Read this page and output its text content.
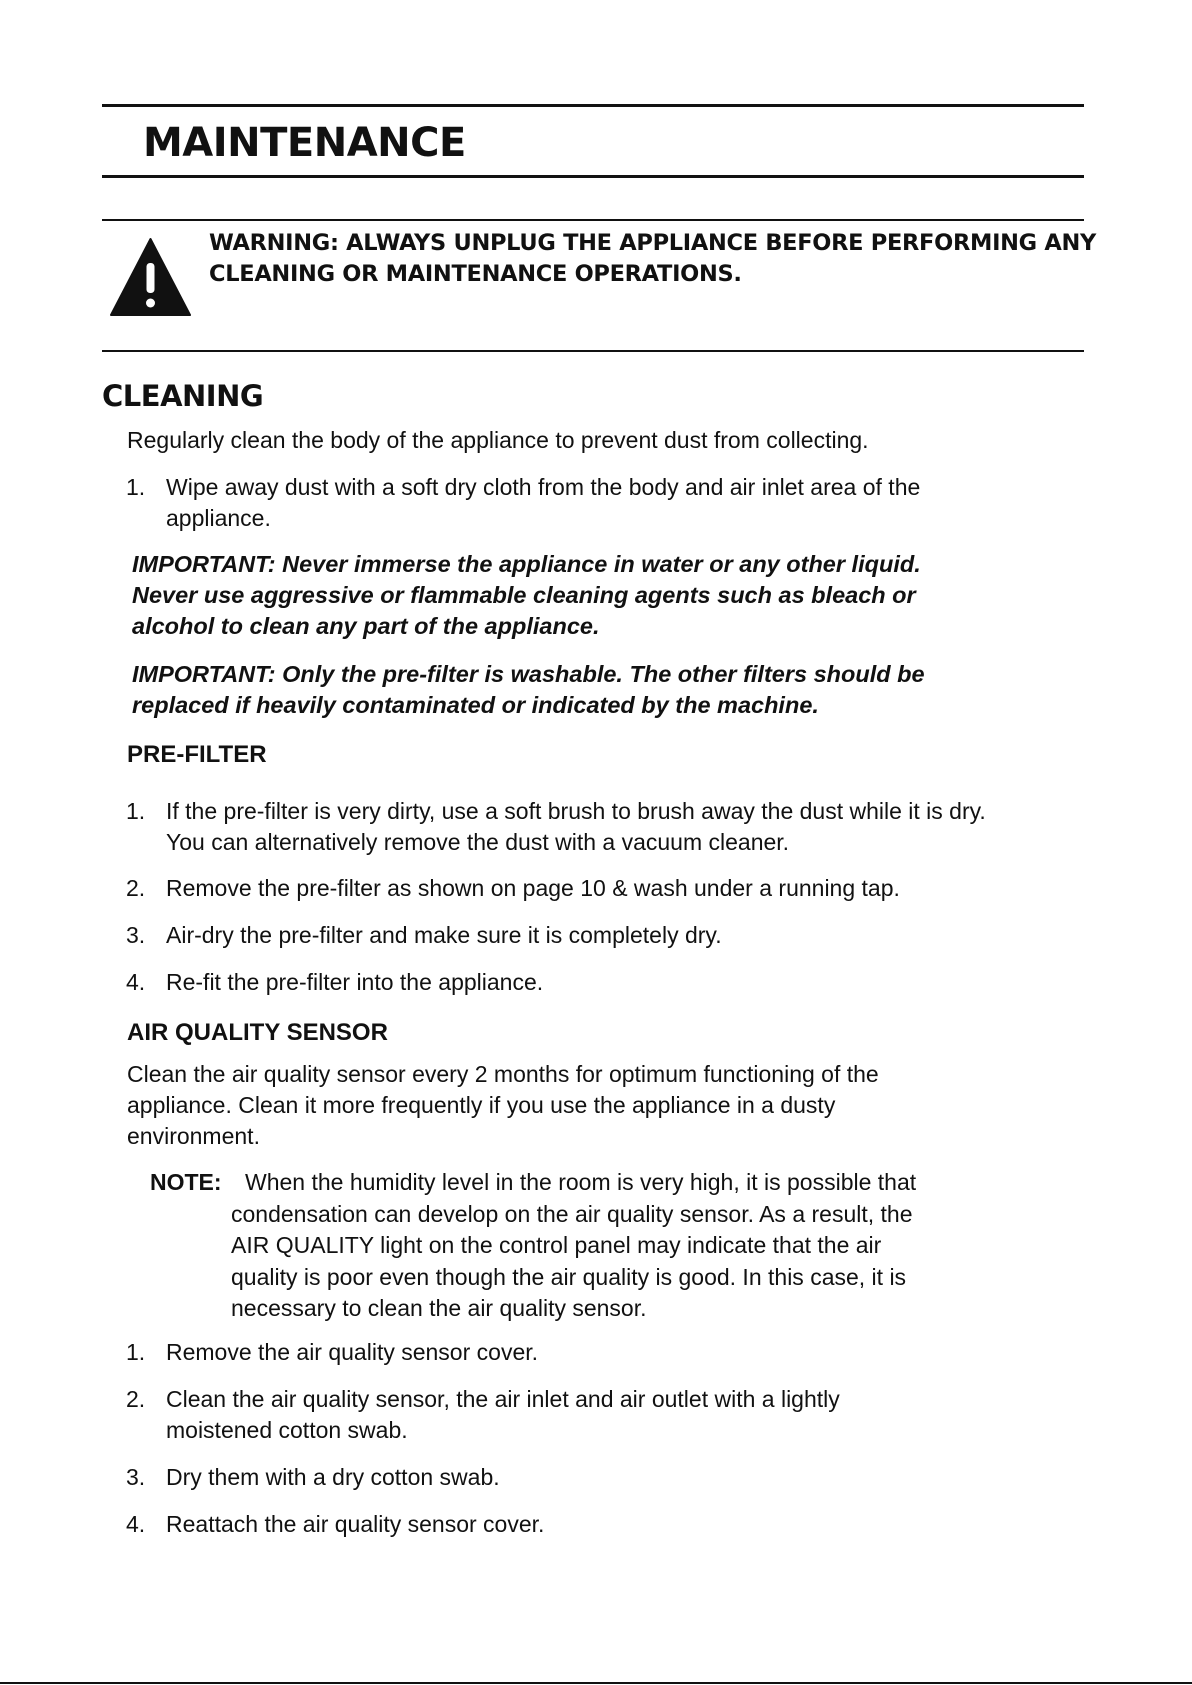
MAINTENANCE
WARNING: ALWAYS UNPLUG THE APPLIANCE BEFORE PERFORMING ANY
CLEANING OR MAINTENANCE OPERATIONS.
CLEANING
Regularly clean the body of the appliance to prevent dust from collecting.
1. Wipe away dust with a soft dry cloth from the body and air inlet area of the
appliance.
IMPORTANT: Never immerse the appliance in water or any other liquid.
Never use aggressive or flammable cleaning agents such as bleach or
alcohol to clean any part of the appliance.
IMPORTANT: Only the pre-filter is washable. The other filters should be
replaced if heavily contaminated or indicated by the machine.
PRE-FILTER
1. If the pre-filter is very dirty, use a soft brush to brush away the dust while it is dry.
You can alternatively remove the dust with a vacuum cleaner.
2. Remove the pre-filter as shown on page 10 & wash under a running tap.
3. Air-dry the pre-filter and make sure it is completely dry.
4. Re-fit the pre-filter into the appliance.
AIR QUALITY SENSOR
Clean the air quality sensor every 2 months for optimum functioning of the
appliance. Clean it more frequently if you use the appliance in a dusty
environment.
NOTE: When the humidity level in the room is very high, it is possible that
condensation can develop on the air quality sensor. As a result, the
AIR QUALITY light on the control panel may indicate that the air
quality is poor even though the air quality is good. In this case, it is
necessary to clean the air quality sensor.
1. Remove the air quality sensor cover.
2. Clean the air quality sensor, the air inlet and air outlet with a lightly
moistened cotton swab.
3. Dry them with a dry cotton swab.
4. Reattach the air quality sensor cover.
